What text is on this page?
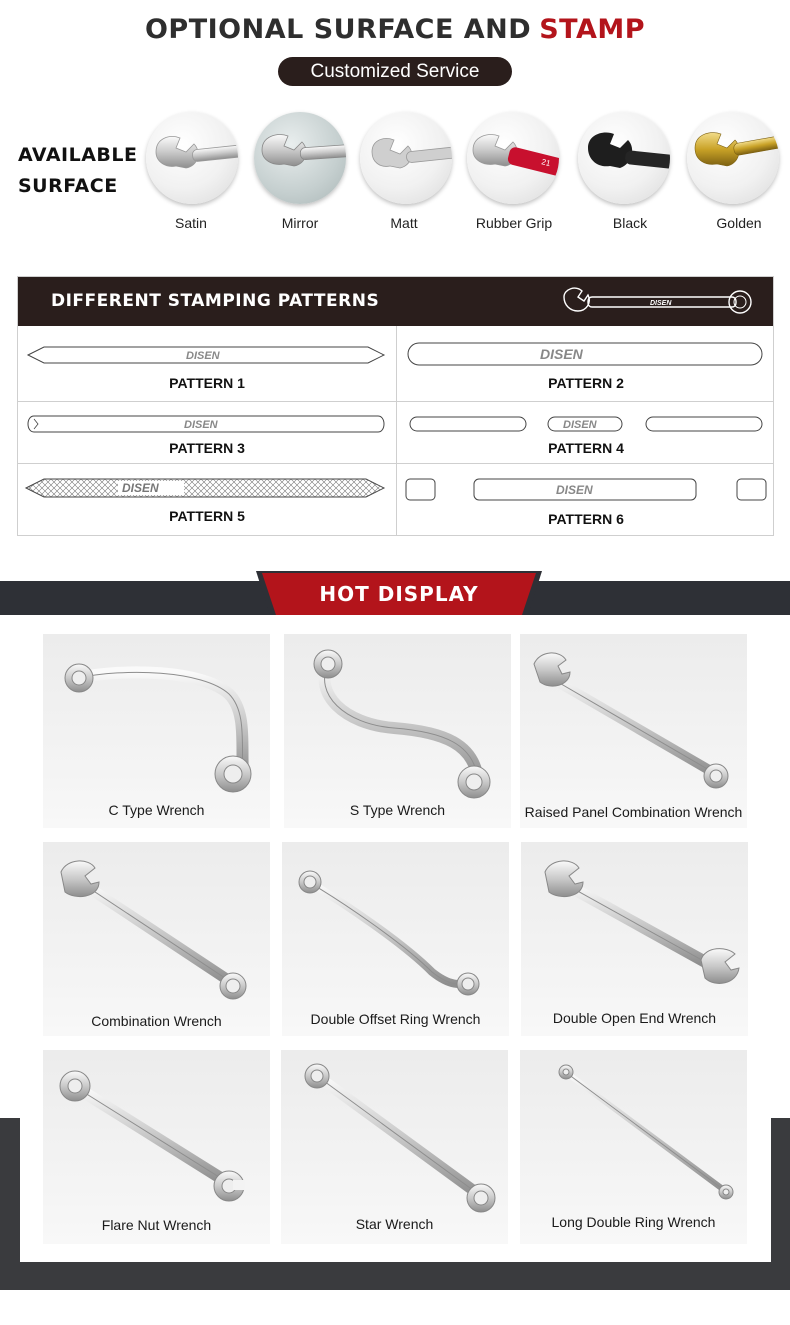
OPTIONAL SURFACE AND STAMP
Customized Service
AVAILABLE
SURFACE
21
Satin	Mirror	Matt	Rubber Grip	Black	Golden
DIFFERENT STAMPING PATTERNS	DISEN
DISEN
PATTERN 1
DISEN
PATTERN 2
DISEN
PATTERN 3
DISEN
PATTERN 4
DISEN
PATTERN 5
DISEN
PATTERN 6
HOT DISPLAY
C Type Wrench	S Type Wrench	Raised Panel Combination Wrench
Combination Wrench	Double Offset Ring Wrench	Double Open End Wrench
Flare Nut Wrench	Star Wrench	Long Double Ring Wrench
